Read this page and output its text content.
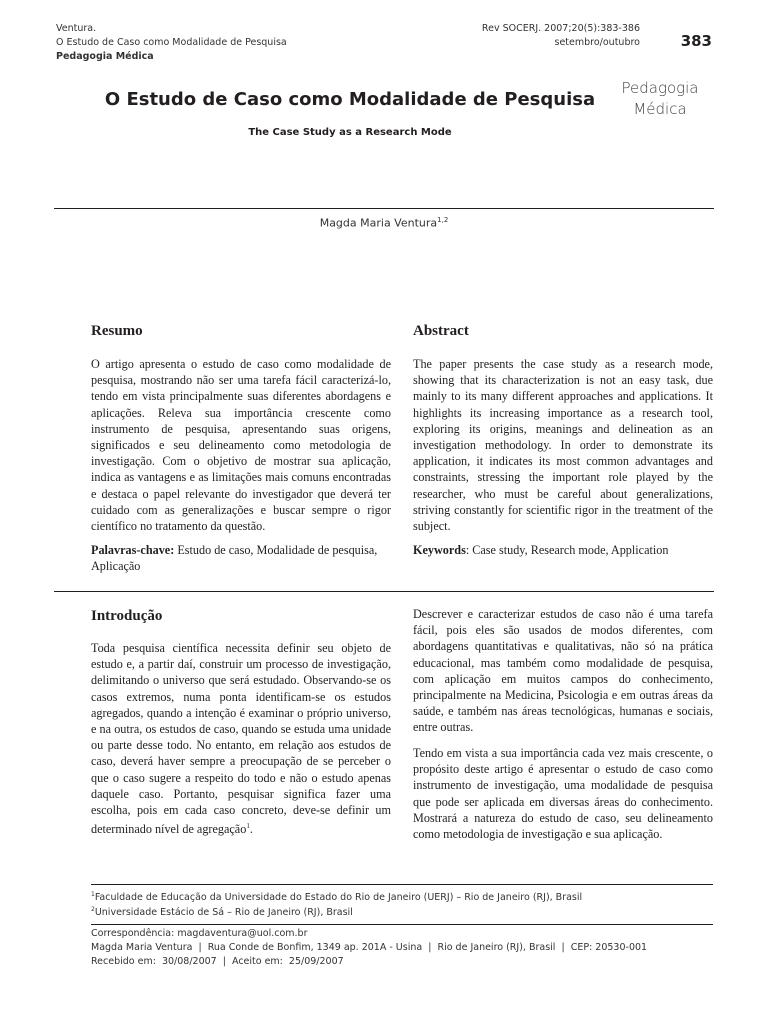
Ventura.
O Estudo de Caso como Modalidade de Pesquisa
Pedagogia Médica
Rev SOCERJ. 2007;20(5):383-386
setembro/outubro	383
Pedagogia
Médica
O Estudo de Caso como Modalidade de Pesquisa
The Case Study as a Research Mode
Magda Maria Ventura$^{1,2}$
Resumo

O artigo apresenta o estudo de caso como modalidade de pesquisa, mostrando não ser uma tarefa fácil caracterizá-lo, tendo em vista principalmente suas diferentes abordagens e aplicações. Releva sua importância crescente como instrumento de pesquisa, apresentando suas origens, significados e seu delineamento como metodologia de investigação. Com o objetivo de mostrar sua aplicação, indica as vantagens e as limitações mais comuns encontradas e destaca o papel relevante do investigador que deverá ter cuidado com as generalizações e buscar sempre o rigor científico no tratamento da questão.

Palavras-chave: Estudo de caso, Modalidade de pesquisa, Aplicação
Abstract

The paper presents the case study as a research mode, showing that its characterization is not an easy task, due mainly to its many different approaches and applications. It highlights its increasing importance as a research tool, exploring its origins, meanings and delineation as an investigation methodology. In order to demonstrate its application, it indicates its most common advantages and constraints, stressing the important role played by the researcher, who must be careful about generalizations, striving constantly for scientific rigor in the treatment of the subject.

Keywords: Case study, Research mode, Application
Introdução

Toda pesquisa científica necessita definir seu objeto de estudo e, a partir daí, construir um processo de investigação, delimitando o universo que será estudado. Observando-se os casos extremos, numa ponta identificam-se os estudos agregados, quando a intenção é examinar o próprio universo, e na outra, os estudos de caso, quando se estuda uma unidade ou parte desse todo. No entanto, em relação aos estudos de caso, deverá haver sempre a preocupação de se perceber o que o caso sugere a respeito do todo e não o estudo apenas daquele caso. Portanto, pesquisar significa fazer uma escolha, pois em cada caso concreto, deve-se definir um determinado nível de agregação$^1$.

Descrever e caracterizar estudos de caso não é uma tarefa fácil, pois eles são usados de modos diferentes, com abordagens quantitativas e qualitativas, não só na prática educacional, mas também como modalidade de pesquisa, com aplicação em muitos campos do conhecimento, principalmente na Medicina, Psicologia e em outras áreas da saúde, e também nas áreas tecnológicas, humanas e sociais, entre outras.

Tendo em vista a sua importância cada vez mais crescente, o propósito deste artigo é apresentar o estudo de caso como instrumento de investigação, uma modalidade de pesquisa que pode ser aplicada em diversas áreas do conhecimento. Mostrará a natureza do estudo de caso, seu delineamento como metodologia de investigação e sua aplicação.

$^1$Faculdade de Educação da Universidade do Estado do Rio de Janeiro (UERJ) – Rio de Janeiro (RJ), Brasil
$^2$Universidade Estácio de Sá – Rio de Janeiro (RJ), Brasil
Correspondência: magdaventura@uol.com.br
Magda Maria Ventura  |  Rua Conde de Bonfim, 1349 ap. 201A - Usina  |  Rio de Janeiro (RJ), Brasil  |  CEP: 20530-001
Recebido em:  30/08/2007  |  Aceito em:  25/09/2007
